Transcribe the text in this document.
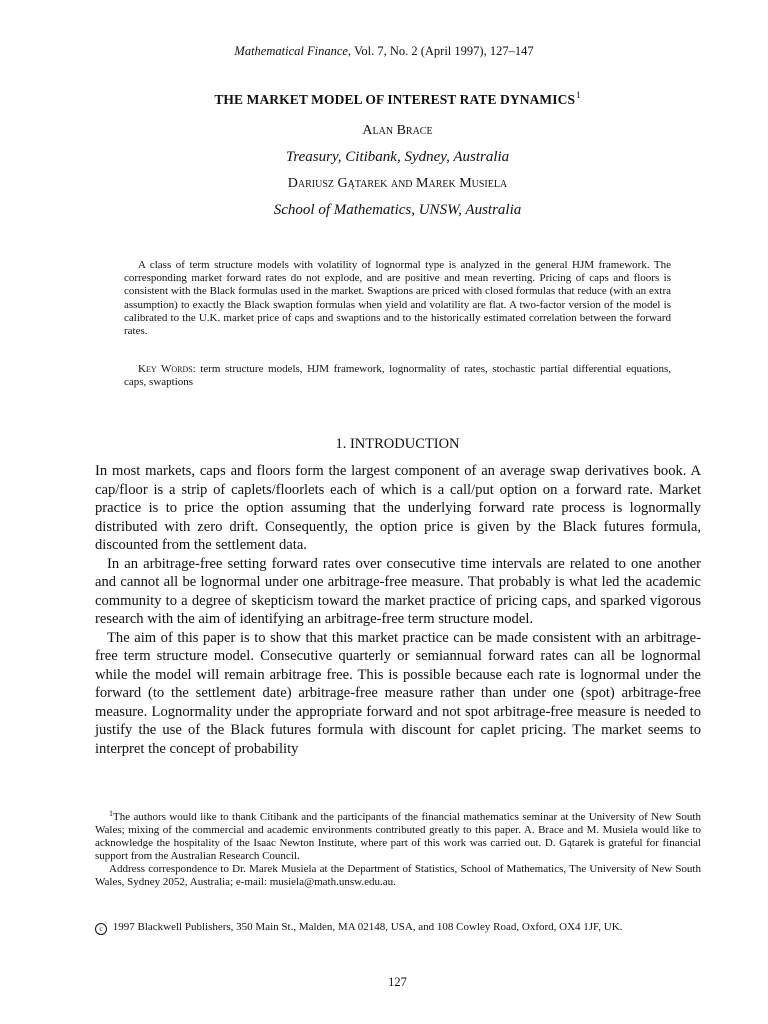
Mathematical Finance, Vol. 7, No. 2 (April 1997), 127–147
THE MARKET MODEL OF INTEREST RATE DYNAMICS$^1$
Alan Brace
Treasury, Citibank, Sydney, Australia
Dariusz Gątarek and Marek Musiela
School of Mathematics, UNSW, Australia

A class of term structure models with volatility of lognormal type is analyzed in the general HJM framework. The corresponding market forward rates do not explode, and are positive and mean reverting. Pricing of caps and floors is consistent with the Black formulas used in the market. Swaptions are priced with closed formulas that reduce (with an extra assumption) to exactly the Black swaption formulas when yield and volatility are flat. A two-factor version of the model is calibrated to the U.K. market price of caps and swaptions and to the historically estimated correlation between the forward rates.

Key Words: term structure models, HJM framework, lognormality of rates, stochastic partial differential equations, caps, swaptions

1. INTRODUCTION

In most markets, caps and floors form the largest component of an average swap derivatives book. A cap/floor is a strip of caplets/floorlets each of which is a call/put option on a forward rate. Market practice is to price the option assuming that the underlying forward rate process is lognormally distributed with zero drift. Consequently, the option price is given by the Black futures formula, discounted from the settlement data.

In an arbitrage-free setting forward rates over consecutive time intervals are related to one another and cannot all be lognormal under one arbitrage-free measure. That probably is what led the academic community to a degree of skepticism toward the market practice of pricing caps, and sparked vigorous research with the aim of identifying an arbitrage-free term structure model.

The aim of this paper is to show that this market practice can be made consistent with an arbitrage-free term structure model. Consecutive quarterly or semiannual forward rates can all be lognormal while the model will remain arbitrage free. This is possible because each rate is lognormal under the forward (to the settlement date) arbitrage-free measure rather than under one (spot) arbitrage-free measure. Lognormality under the appropriate forward and not spot arbitrage-free measure is needed to justify the use of the Black futures formula with discount for caplet pricing. The market seems to interpret the concept of probability

$^1$The authors would like to thank Citibank and the participants of the financial mathematics seminar at the University of New South Wales; mixing of the commercial and academic environments contributed greatly to this paper. A. Brace and M. Musiela would like to acknowledge the hospitality of the Isaac Newton Institute, where part of this work was carried out. D. Gątarek is grateful for financial support from the Australian Research Council.

Address correspondence to Dr. Marek Musiela at the Department of Statistics, School of Mathematics, The University of New South Wales, Sydney 2052, Australia; e-mail: musiela@math.unsw.edu.au.

c 1997 Blackwell Publishers, 350 Main St., Malden, MA 02148, USA, and 108 Cowley Road, Oxford, OX4 1JF, UK.

127
